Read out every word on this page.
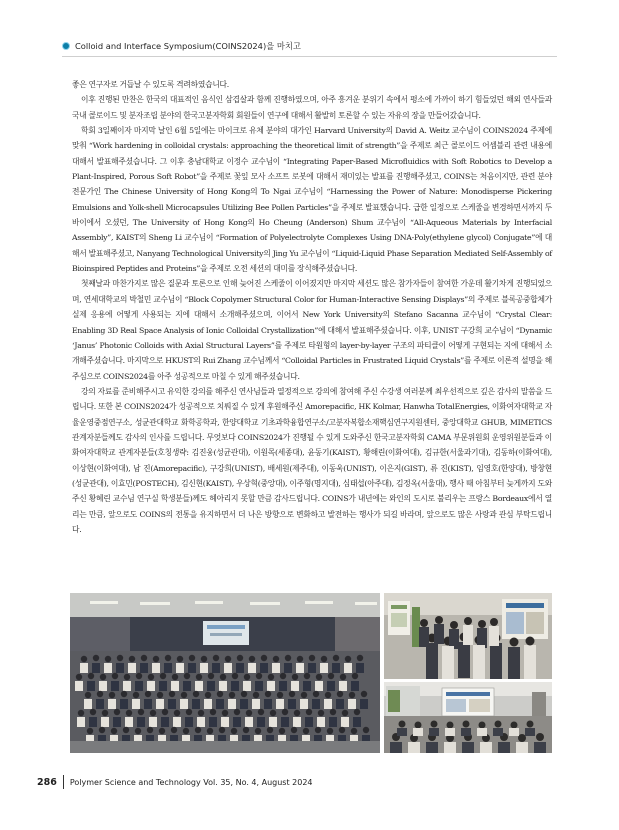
Colloid and Interface Symposium(COINS2024)을 마치고

좋은 연구자로 거듭날 수 있도록 격려하였습니다.

이후 진행된 만찬은 한국의 대표적인 음식인 삼겹살과 함께 진행하였으며, 아주 흥겨운 분위기 속에서 평소에 가까이 하기 힘들었던 해외 연사들과 국내 콜로이드 및 분자조립 분야의 한국고분자학회 회원들이 연구에 대해서 활발히 토론할 수 있는 자유의 장을 만들어갔습니다.

학회 3일째이자 마지막 날인 6월 5일에는 마이크로 유체 분야의 대가인 Harvard University의 David A. Weitz 교수님이 COINS2024 주제에 맞춰 “Work hardening in colloidal crystals: approaching the theoretical limit of strength”을 주제로 최근 콜로이드 어셈블리 관련 내용에 대해서 발표해주셨습니다. 그 이후 충남대학교 이정수 교수님이 “Integrating Paper-Based Microfluidics with Soft Robotics to Develop a Plant-Inspired, Porous Soft Robot”을 주제로 꽃잎 모사 소프트 로봇에 대해서 재미있는 발표를 진행해주셨고, COINS는 처음이지만, 관련 분야 전문가인 The Chinese University of Hong Kong의 To Ngai 교수님이 “Harnessing the Power of Nature: Monodisperse Pickering Emulsions and Yolk-shell Microcapsules Utilizing Bee Pollen Particles”을 주제로 발표했습니다. 급한 일정으로 스케줄을 변경하면서까지 두바이에서 오셨던, The University of Hong Kong의 Ho Cheung (Anderson) Shum 교수님이 “All-Aqueous Materials by Interfacial Assembly”, KAIST의 Sheng Li 교수님이 “Formation of Polyelectrolyte Complexes Using DNA-Poly(ethylene glycol) Conjugate”에 대해서 발표해주셨고, Nanyang Technological University의 Jing Yu 교수님이 “Liquid-Liquid Phase Separation Mediated Self-Assembly of Bioinspired Peptides and Proteins”을 주제로 오전 세션의 대미를 장식해주셨습니다.

첫째날과 마찬가지로 많은 질문과 토론으로 인해 늦어진 스케줄이 이어졌지만 마지막 세션도 많은 참가자들이 참여한 가운데 활기차게 진행되었으며, 연세대학교의 박철민 교수님이 “Block Copolymer Structural Color for Human-Interactive Sensing Displays”의 주제로 블록공중합체가 실제 응용에 어떻게 사용되는 지에 대해서 소개해주셨으며, 이어서 New York University의 Stefano Sacanna 교수님이 “Crystal Clear: Enabling 3D Real Space Analysis of Ionic Colloidal Crystallization”에 대해서 발표해주셨습니다. 이후, UNIST 구강희 교수님이 “Dynamic ‘Janus’ Photonic Colloids with Axial Structural Layers”를 주제로 타원형의 layer-by-layer 구조의 파티클이 어떻게 구현되는 지에 대해서 소개해주셨습니다. 마지막으로 HKUST의 Rui Zhang 교수님께서 “Colloidal Particles in Frustrated Liquid Crystals”를 주제로 이론적 설명을 해주심으로 COINS2024를 아주 성공적으로 마칠 수 있게 해주셨습니다.

강의 자료를 준비해주시고 유익한 강의를 해주신 연사님들과 열정적으로 강의에 참여해 주신 수강생 여러분께 최우선적으로 깊은 감사의 말씀을 드립니다. 또한 본 COINS2024가 성공적으로 치뤄질 수 있게 후원해주신 Amorepacific, HK Kolmar, Hanwha TotalEnergies, 이화여자대학교 자율운영중점연구소, 성균관대학교 화학공학과, 한양대학교 기초과학융합연구소/고분자복합소재핵심연구지원센터, 중앙대학교 GHUB, MIMETICS 관계자분들께도 감사의 인사를 드립니다. 무엇보다 COINS2024가 진행될 수 있게 도와주신 한국고분자학회 CAMA 부문위원회 운영위원분들과 이화여자대학교 관계자분들(호칭생략: 김진웅(성균관대), 이원목(세종대), 윤동기(KAIST), 황해린(이화여대), 김규한(서울과기대), 김동하(이화여대), 이상현(이화여대), 남 진(Amorepacific), 구강희(UNIST), 배세원(제주대), 이동욱(UNIST), 이은지(GIST), 류 진(KIST), 임영호(한양대), 방창현(성균관대), 이효민(POSTECH), 김신현(KAIST), 우상혁(중앙대), 이주형(명지대), 심태섭(아주대), 김정옥(서울대), 행사 때 아침부터 늦게까지 도와주신 황혜린 교수님 연구실 학생분들)께도 헤아리지 못할 만큼 감사드립니다. COINS가 내년에는 와인의 도시로 불리우는 프랑스 Bordeaux에서 열리는 만큼, 앞으로도 COINS의 전통을 유지하면서 더 나은 방향으로 변화하고 발전하는 행사가 되길 바라며, 앞으로도 많은 사랑과 관심 부탁드립니다.

286	Polymer Science and Technology Vol. 35, No. 4, August 2024
